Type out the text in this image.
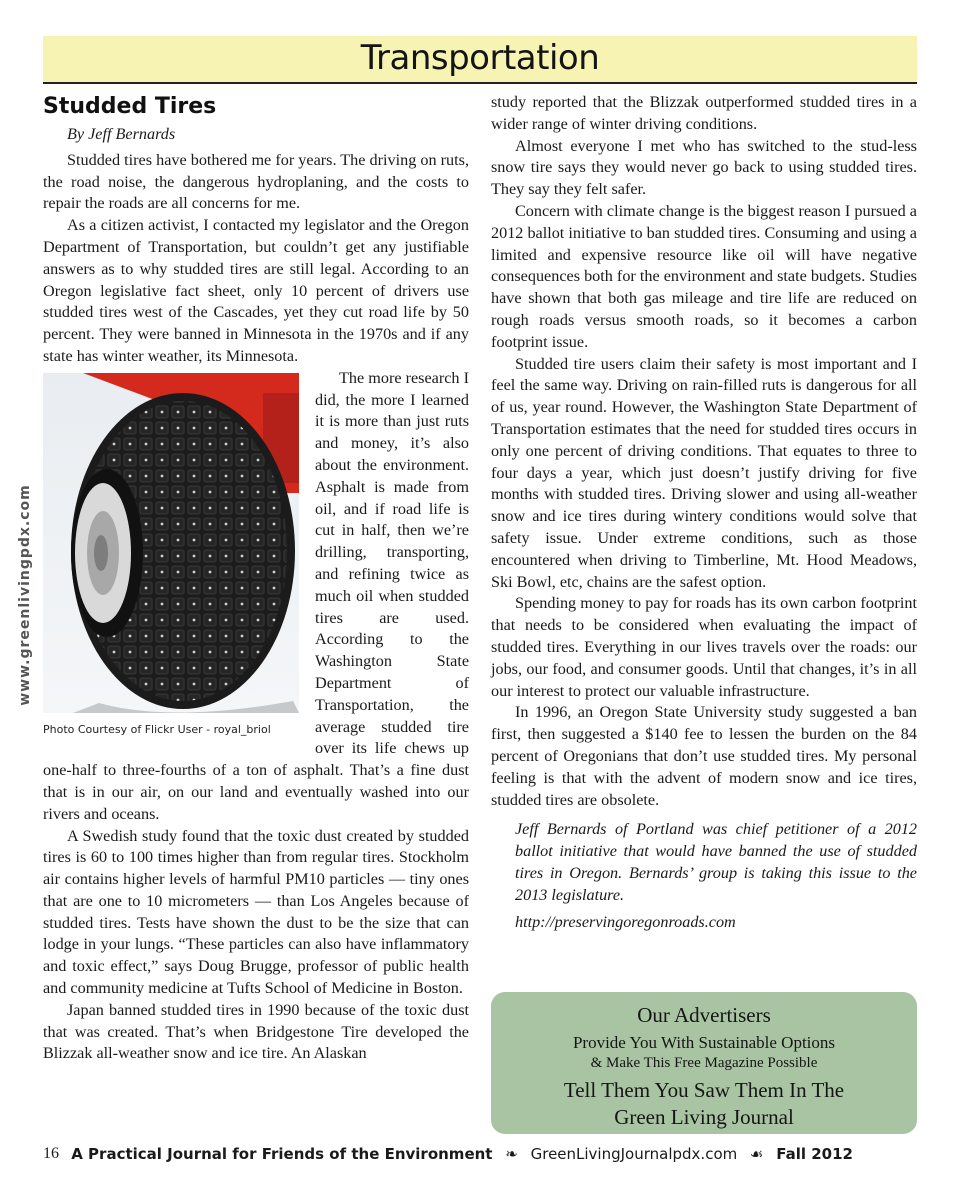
Transportation
www.greenlivingpdx.com
Studded Tires
By Jeff Bernards

Studded tires have bothered me for years. The driving on ruts, the road noise, the dangerous hydroplaning, and the costs to repair the roads are all concerns for me.

As a citizen activist, I contacted my legislator and the Oregon Department of Transportation, but couldn’t get any justifiable answers as to why studded tires are still legal. According to an Oregon legislative fact sheet, only 10 percent of drivers use studded tires west of the Cascades, yet they cut road life by 50 percent. They were banned in Minnesota in the 1970s and if any state has winter weather, its Minnesota.

Photo Courtesy of Flickr User - royal_briol

The more research I did, the more I learned it is more than just ruts and money, it’s also about the environment. Asphalt is made from oil, and if road life is cut in half, then we’re drilling, transporting, and refining twice as much oil when studded tires are used. According to the Washington State Department of Transportation, the average studded tire over its life chews up one-half to three-fourths of a ton of asphalt. That’s a fine dust that is in our air, on our land and eventually washed into our rivers and oceans.

A Swedish study found that the toxic dust created by studded tires is 60 to 100 times higher than from regular tires. Stockholm air contains higher levels of harmful PM10 particles — tiny ones that are one to 10 micrometers — than Los Angeles because of studded tires. Tests have shown the dust to be the size that can lodge in your lungs. “These particles can also have inflammatory and toxic effect,” says Doug Brugge, professor of public health and community medicine at Tufts School of Medicine in Boston.

Japan banned studded tires in 1990 because of the toxic dust that was created. That’s when Bridgestone Tire developed the Blizzak all-weather snow and ice tire. An Alaskan

study reported that the Blizzak outperformed studded tires in a wider range of winter driving conditions.

Almost everyone I met who has switched to the stud-less snow tire says they would never go back to using studded tires. They say they felt safer.

Concern with climate change is the biggest reason I pursued a 2012 ballot initiative to ban studded tires. Consuming and using a limited and expensive resource like oil will have negative consequences both for the environment and state budgets. Studies have shown that both gas mileage and tire life are reduced on rough roads versus smooth roads, so it becomes a carbon footprint issue.

Studded tire users claim their safety is most important and I feel the same way. Driving on rain-filled ruts is dangerous for all of us, year round. However, the Washington State Department of Transportation estimates that the need for studded tires occurs in only one percent of driving conditions. That equates to three to four days a year, which just doesn’t justify driving for five months with studded tires. Driving slower and using all-weather snow and ice tires during wintery conditions would solve that safety issue. Under extreme conditions, such as those encountered when driving to Timberline, Mt. Hood Meadows, Ski Bowl, etc, chains are the safest option.

Spending money to pay for roads has its own carbon footprint that needs to be considered when evaluating the impact of studded tires. Everything in our lives travels over the roads: our jobs, our food, and consumer goods. Until that changes, it’s in all our interest to protect our valuable infrastructure.

In 1996, an Oregon State University study suggested a ban first, then suggested a $140 fee to lessen the burden on the 84 percent of Oregonians that don’t use studded tires. My personal feeling is that with the advent of modern snow and ice tires, studded tires are obsolete.

Jeff Bernards of Portland was chief petitioner of a 2012 ballot initiative that would have banned the use of studded tires in Oregon. Bernards’ group is taking this issue to the 2013 legislature.

http://preservingoregonroads.com

Our Advertisers
Provide You With Sustainable Options
& Make This Free Magazine Possible
Tell Them You Saw Them In The
Green Living Journal
16 A Practical Journal for Friends of the Environment ❧ GreenLivingJournalpdx.com ☙ Fall 2012
